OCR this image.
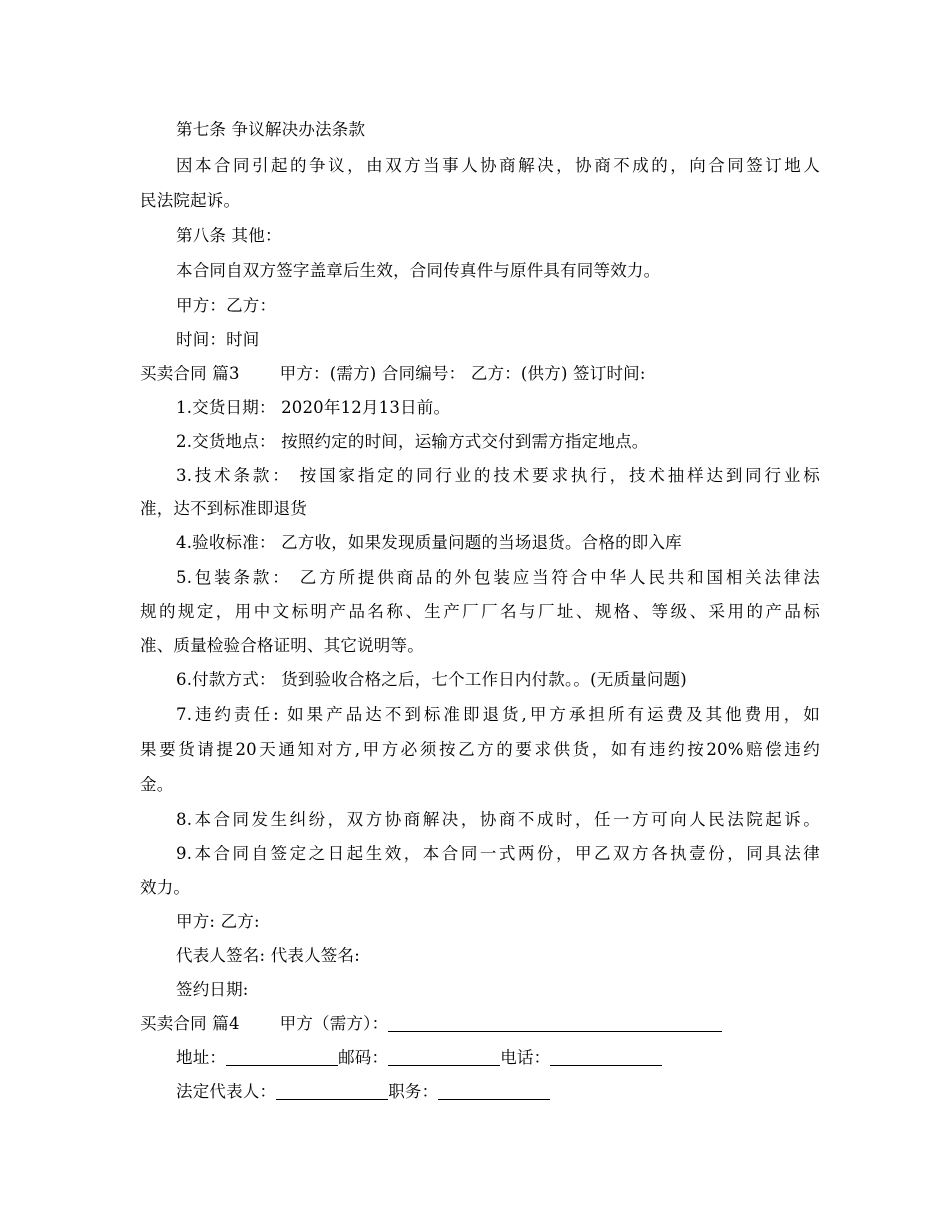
第七条 争议解决办法条款
因本合同引起的争议，由双方当事人协商解决，协商不成的，向合同签订地人
民法院起诉。
第八条 其他：
本合同自双方签字盖章后生效，合同传真件与原件具有同等效力。
甲方：乙方：
时间：时间
买卖合同 篇3 甲方：(需方) 合同编号： 乙方：(供方) 签订时间:
1.交货日期： 2020年12月13日前。
2.交货地点： 按照约定的时间，运输方式交付到需方指定地点。
3.技术条款： 按国家指定的同行业的技术要求执行，技术抽样达到同行业标
准，达不到标准即退货
4.验收标准： 乙方收，如果发现质量问题的当场退货。合格的即入库
5.包装条款： 乙方所提供商品的外包装应当符合中华人民共和国相关法律法
规的规定，用中文标明产品名称、生产厂厂名与厂址、规格、等级、采用的产品标
准、质量检验合格证明、其它说明等。
6.付款方式： 货到验收合格之后，七个工作日内付款。。(无质量问题)
7.违约责任: 如果产品达不到标准即退货,甲方承担所有运费及其他费用，如
果要货请提20天通知对方,甲方必须按乙方的要求供货，如有违约按20%赔偿违约
金。
8.本合同发生纠纷，双方协商解决，协商不成时，任一方可向人民法院起诉。
9.本合同自签定之日起生效，本合同一式两份，甲乙双方各执壹份，同具法律
效力。
甲方: 乙方:
代表人签名: 代表人签名:
签约日期:
买卖合同 篇4 甲方（需方）：
地址：	邮码：	电话：
法定代表人：	职务：
